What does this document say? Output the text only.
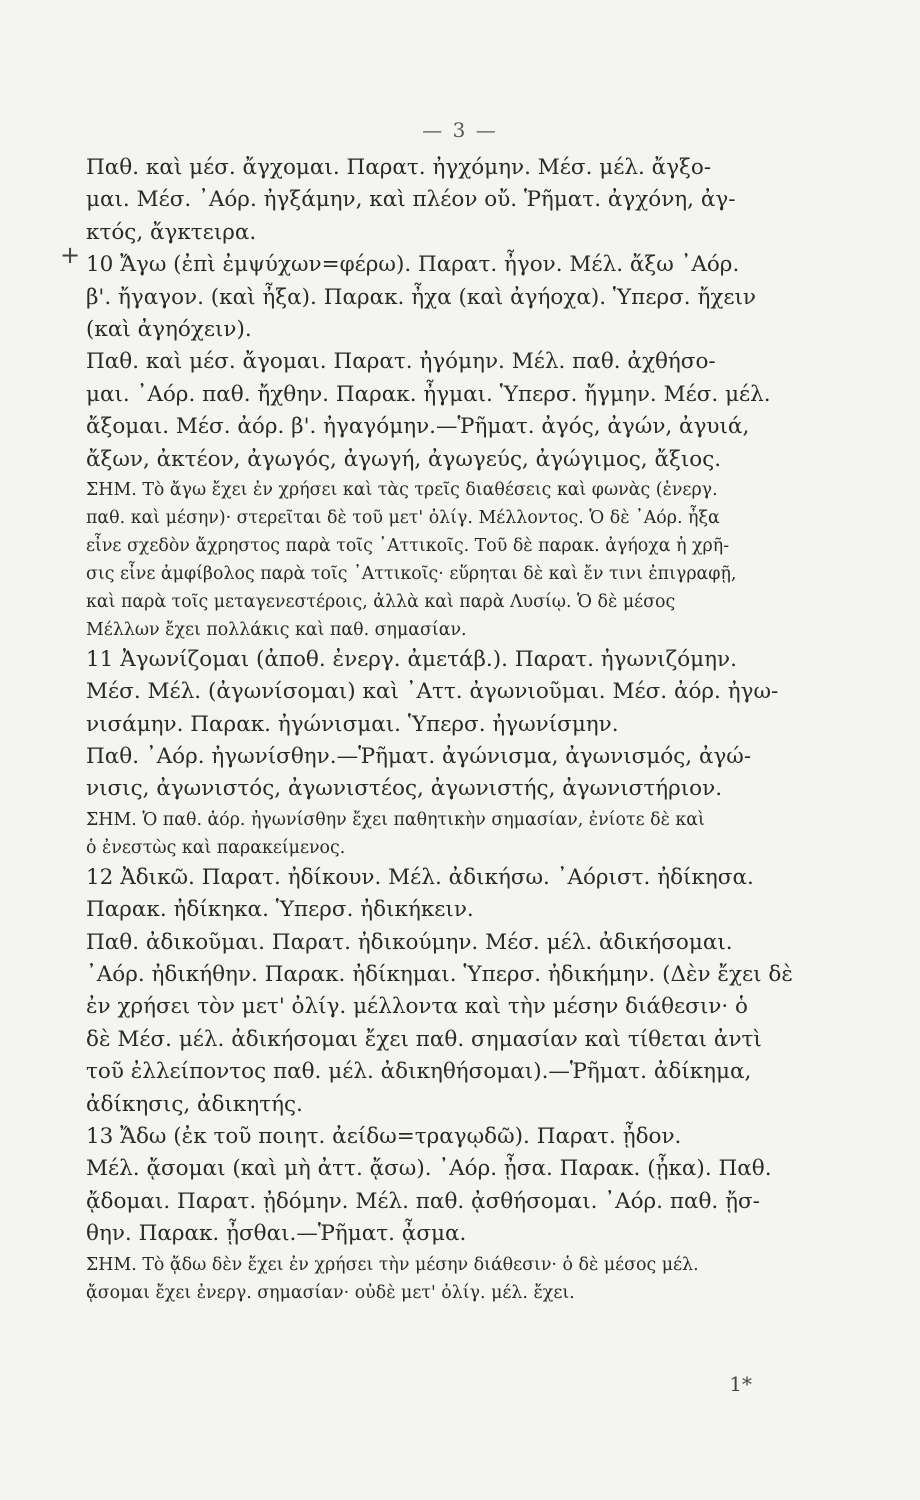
— 3 —
+
Παθ. καὶ μέσ. ἄγχομαι. Παρατ. ἠγχόμην. Μέσ. μέλ. ἄγξο-
μαι. Μέσ. ᾿Αόρ. ἠγξάμην, καὶ πλέον οὔ. Ῥῆματ. ἀγχόνη, ἀγ-
κτός, ἄγκτειρα.
10 Ἄγω (ἐπὶ ἐμψύχων=φέρω). Παρατ. ἦγον. Μέλ. ἄξω ᾿Αόρ.
β'. ἤγαγον. (καὶ ἦξα). Παρακ. ἦχα (καὶ ἀγήοχα). Ὑπερσ. ἤχειν
(καὶ ἀγηόχειν).
Παθ. καὶ μέσ. ἄγομαι. Παρατ. ἠγόμην. Μέλ. παθ. ἀχθήσο-
μαι. ᾿Αόρ. παθ. ἤχθην. Παρακ. ἦγμαι. Ὑπερσ. ἤγμην. Μέσ. μέλ.
ἄξομαι. Μέσ. ἀόρ. β'. ἠγαγόμην.—Ῥῆματ. ἀγός, ἀγών, ἀγυιά,
ἄξων, ἀκτέον, ἀγωγός, ἀγωγή, ἀγωγεύς, ἀγώγιμος, ἄξιος.
ΣΗΜ. Τὸ ἄγω ἔχει ἐν χρήσει καὶ τὰς τρεῖς διαθέσεις καὶ φωνὰς (ἐνεργ.
παθ. καὶ μέσην)· στερεῖται δὲ τοῦ μετ' ὀλίγ. Μέλλοντος. Ὁ δὲ ᾿Αόρ. ἦξα
εἶνε σχεδὸν ἄχρηστος παρὰ τοῖς ᾿Αττικοῖς. Τοῦ δὲ παρακ. ἀγήοχα ἡ χρῆ-
σις εἶνε ἀμφίβολος παρὰ τοῖς ᾿Αττικοῖς· εὕρηται δὲ καὶ ἔν τινι ἐπιγραφῇ,
καὶ παρὰ τοῖς μεταγενεστέροις, ἀλλὰ καὶ παρὰ Λυσίῳ. Ὁ δὲ μέσος
Μέλλων ἔχει πολλάκις καὶ παθ. σημασίαν.
11 Ἀγωνίζομαι (ἀποθ. ἐνεργ. ἀμετάβ.). Παρατ. ἠγωνιζόμην.
Μέσ. Μέλ. (ἀγωνίσομαι) καὶ ᾿Αττ. ἀγωνιοῦμαι. Μέσ. ἀόρ. ἠγω-
νισάμην. Παρακ. ἠγώνισμαι. Ὑπερσ. ἠγωνίσμην.
Παθ. ᾿Αόρ. ἠγωνίσθην.—Ῥῆματ. ἀγώνισμα, ἀγωνισμός, ἀγώ-
νισις, ἀγωνιστός, ἀγωνιστέος, ἀγωνιστής, ἀγωνιστήριον.
ΣΗΜ. Ὁ παθ. ἀόρ. ἠγωνίσθην ἔχει παθητικὴν σημασίαν, ἐνίοτε δὲ καὶ
ὁ ἐνεστὼς καὶ παρακείμενος.
12 Ἀδικῶ. Παρατ. ἠδίκουν. Μέλ. ἀδικήσω. ᾿Αόριστ. ἠδίκησα.
Παρακ. ἠδίκηκα. Ὑπερσ. ἠδικήκειν.
Παθ. ἀδικοῦμαι. Παρατ. ἠδικούμην. Μέσ. μέλ. ἀδικήσομαι.
᾿Αόρ. ἠδικήθην. Παρακ. ἠδίκημαι. Ὑπερσ. ἠδικήμην. (Δὲν ἔχει δὲ
ἐν χρήσει τὸν μετ' ὀλίγ. μέλλοντα καὶ τὴν μέσην διάθεσιν· ὁ
δὲ Μέσ. μέλ. ἀδικήσομαι ἔχει παθ. σημασίαν καὶ τίθεται ἀντὶ
τοῦ ἐλλείποντος παθ. μέλ. ἀδικηθήσομαι).—Ῥῆματ. ἀδίκημα,
ἀδίκησις, ἀδικητής.
13 Ἄδω (ἐκ τοῦ ποιητ. ἀείδω=τραγῳδῶ). Παρατ. ᾖδον.
Μέλ. ᾄσομαι (καὶ μὴ ἀττ. ᾄσω). ᾿Αόρ. ᾖσα. Παρακ. (ᾖκα). Παθ.
ᾄδομαι. Παρατ. ᾐδόμην. Μέλ. παθ. ᾀσθήσομαι. ᾿Αόρ. παθ. ᾔσ-
θην. Παρακ. ᾖσθαι.—Ῥῆματ. ᾆσμα.
ΣΗΜ. Τὸ ᾄδω δὲν ἔχει ἐν χρήσει τὴν μέσην διάθεσιν· ὁ δὲ μέσος μέλ.
ᾄσομαι ἔχει ἐνεργ. σημασίαν· οὐδὲ μετ' ὀλίγ. μέλ. ἔχει.
1*
